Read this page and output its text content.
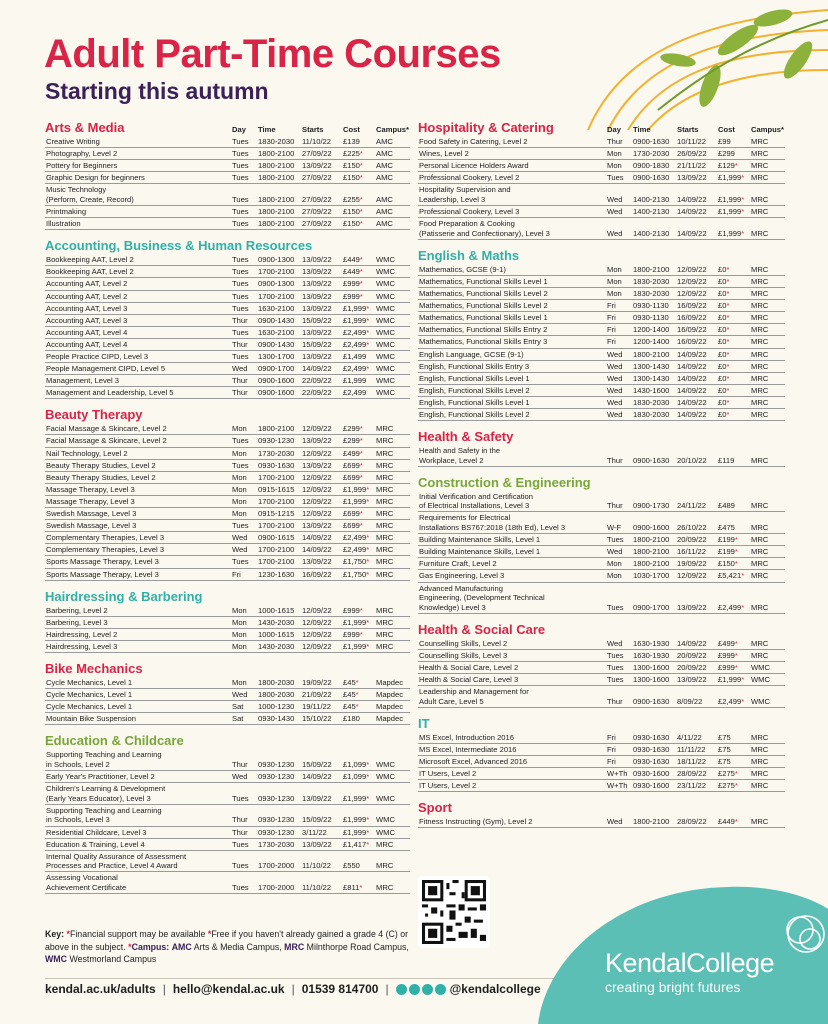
Adult Part-Time Courses
Starting this autumn
Arts & Media	Day	Time	Starts	Cost	Campus*
Creative Writing	Tues	1830-2030	11/10/22	£139	AMC
Photography, Level 2	Tues	1800-2100	27/09/22	£225*	AMC
Pottery for Beginners	Tues	1800-2100	13/09/22	£150*	AMC
Graphic Design for beginners	Tues	1800-2100	27/09/22	£150*	AMC
Music Technology
(Perform, Create, Record)	Tues	1800-2100	27/09/22	£255*	AMC
Printmaking	Tues	1800-2100	27/09/22	£150*	AMC
Illustration	Tues	1800-2100	27/09/22	£150*	AMC
Accounting, Business & Human Resources
Bookkeeping AAT, Level 2	Tues	0900-1300	13/09/22	£449*	WMC
Bookkeeping AAT, Level 2	Tues	1700-2100	13/09/22	£449*	WMC
Accounting AAT, Level 2	Tues	0900-1300	13/09/22	£999*	WMC
Accounting AAT, Level 2	Tues	1700-2100	13/09/22	£999*	WMC
Accounting AAT, Level 3	Tues	1630-2100	13/09/22	£1,999*	WMC
Accounting AAT, Level 3	Thur	0900-1430	15/09/22	£1,999*	WMC
Accounting AAT, Level 4	Tues	1630-2100	13/09/22	£2,499*	WMC
Accounting AAT, Level 4	Thur	0900-1430	15/09/22	£2,499*	WMC
People Practice CIPD, Level 3	Tues	1300-1700	13/09/22	£1,499	WMC
People Management CIPD, Level 5	Wed	0900-1700	14/09/22	£2,499*	WMC
Management, Level 3	Thur	0900-1600	22/09/22	£1,999	WMC
Management and Leadership, Level 5	Thur	0900-1600	22/09/22	£2,499	WMC
Beauty Therapy
Facial Massage & Skincare, Level 2	Mon	1800-2100	12/09/22	£299*	MRC
Facial Massage & Skincare, Level 2	Tues	0930-1230	13/09/22	£299*	MRC
Nail Technology, Level 2	Mon	1730-2030	12/09/22	£499*	MRC
Beauty Therapy Studies, Level 2	Tues	0930-1630	13/09/22	£699*	MRC
Beauty Therapy Studies, Level 2	Mon	1700-2100	12/09/22	£699*	MRC
Massage Therapy, Level 3	Mon	0915-1615	12/09/22	£1,999*	MRC
Massage Therapy, Level 3	Mon	1700-2100	12/09/22	£1,999*	MRC
Swedish Massage, Level 3	Mon	0915-1215	12/09/22	£699*	MRC
Swedish Massage, Level 3	Tues	1700-2100	13/09/22	£699*	MRC
Complementary Therapies, Level 3	Wed	0900-1615	14/09/22	£2,499*	MRC
Complementary Therapies, Level 3	Wed	1700-2100	14/09/22	£2,499*	MRC
Sports Massage Therapy, Level 3	Tues	1700-2100	13/09/22	£1,750*	MRC
Sports Massage Therapy, Level 3	Fri	1230-1630	16/09/22	£1,750*	MRC
Hairdressing & Barbering
Barbering, Level 2	Mon	1000-1615	12/09/22	£999*	MRC
Barbering, Level 3	Mon	1430-2030	12/09/22	£1,999*	MRC
Hairdressing, Level 2	Mon	1000-1615	12/09/22	£999*	MRC
Hairdressing, Level 3	Mon	1430-2030	12/09/22	£1,999*	MRC
Bike Mechanics
Cycle Mechanics, Level 1	Mon	1800-2030	19/09/22	£45*	Mapdec
Cycle Mechanics, Level 1	Wed	1800-2030	21/09/22	£45*	Mapdec
Cycle Mechanics, Level 1	Sat	1000-1230	19/11/22	£45*	Mapdec
Mountain Bike Suspension	Sat	0930-1430	15/10/22	£180	Mapdec
Education & Childcare
Supporting Teaching and Learning
in Schools, Level 2	Thur	0930-1230	15/09/22	£1,099*	WMC
Early Year's Practitioner, Level 2	Wed	0930-1230	14/09/22	£1,099*	WMC
Children's Learning & Development
(Early Years Educator), Level 3	Tues	0930-1230	13/09/22	£1,999*	WMC
Supporting Teaching and Learning
in Schools, Level 3	Thur	0930-1230	15/09/22	£1,999*	WMC
Residential Childcare, Level 3	Thur	0930-1230	3/11/22	£1,999*	WMC
Education & Training, Level 4	Tues	1730-2030	13/09/22	£1,417*	MRC
Internal Quality Assurance of Assessment
Processes and Practice, Level 4 Award	Tues	1700-2000	11/10/22	£550	MRC
Assessing Vocational
Achievement Certificate	Tues	1700-2000	11/10/22	£811*	MRC
Hospitality & Catering	Day	Time	Starts	Cost	Campus*
Food Safety in Catering, Level 2	Thur	0900-1630	10/11/22	£99	MRC
Wines, Level 2	Mon	1730-2030	26/09/22	£299	MRC
Personal Licence Holders Award	Mon	0900-1830	21/11/22	£129*	MRC
Professional Cookery, Level 2	Tues	0900-1630	13/09/22	£1,999*	MRC
Hospitality Supervision and
Leadership, Level 3	Wed	1400-2130	14/09/22	£1,999*	MRC
Professional Cookery, Level 3	Wed	1400-2130	14/09/22	£1,999*	MRC
Food Preparation & Cooking
(Patisserie and Confectionary), Level 3	Wed	1400-2130	14/09/22	£1,999*	MRC
English & Maths
Mathematics, GCSE (9-1)	Mon	1800-2100	12/09/22	£0*	MRC
Mathematics, Functional Skills Level 1	Mon	1830-2030	12/09/22	£0*	MRC
Mathematics, Functional Skills Level 2	Mon	1830-2030	12/09/22	£0*	MRC
Mathematics, Functional Skills Level 2	Fri	0930-1130	16/09/22	£0*	MRC
Mathematics, Functional Skills Level 1	Fri	0930-1130	16/09/22	£0*	MRC
Mathematics, Functional Skills Entry 2	Fri	1200-1400	16/09/22	£0*	MRC
Mathematics, Functional Skills Entry 3	Fri	1200-1400	16/09/22	£0*	MRC
English Language, GCSE (9-1)	Wed	1800-2100	14/09/22	£0*	MRC
English, Functional Skills Entry 3	Wed	1300-1430	14/09/22	£0*	MRC
English, Functional Skills Level 1	Wed	1300-1430	14/09/22	£0*	MRC
English, Functional Skills Level 2	Wed	1430-1600	14/09/22	£0*	MRC
English, Functional Skills Level 1	Wed	1830-2030	14/09/22	£0*	MRC
English, Functional Skills Level 2	Wed	1830-2030	14/09/22	£0*	MRC
Health & Safety
Health and Safety in the
Workplace, Level 2	Thur	0900-1630	20/10/22	£119	MRC
Construction & Engineering
Initial Verification and Certification
of Electrical Installations, Level 3	Thur	0900-1730	24/11/22	£489	MRC
Requirements for Electrical
Installations BS767:2018 (18th Ed), Level 3	W-F	0900-1600	26/10/22	£475	MRC
Building Maintenance Skills, Level 1	Tues	1800-2100	20/09/22	£199*	MRC
Building Maintenance Skills, Level 1	Wed	1800-2100	16/11/22	£199*	MRC
Furniture Craft, Level 2	Mon	1800-2100	19/09/22	£150*	MRC
Gas Engineering, Level 3	Mon	1030-1700	12/09/22	£5,421*	MRC
Advanced Manufacturing
Engineering, (Development Technical
Knowledge) Level 3	Tues	0900-1700	13/09/22	£2,499*	MRC
Health & Social Care
Counselling Skills, Level 2	Wed	1630-1930	14/09/22	£499*	MRC
Counselling Skills, Level 3	Tues	1630-1930	20/09/22	£999*	MRC
Health & Social Care, Level 2	Tues	1300-1600	20/09/22	£999*	WMC
Health & Social Care, Level 3	Tues	1300-1600	13/09/22	£1,999*	WMC
Leadership and Management for
Adult Care, Level 5	Thur	0900-1630	8/09/22	£2,499*	WMC
IT
MS Excel, Introduction 2016	Fri	0930-1630	4/11/22	£75	MRC
MS Excel, Intermediate 2016	Fri	0930-1630	11/11/22	£75	MRC
Microsoft Excel, Advanced 2016	Fri	0930-1630	18/11/22	£75	MRC
IT Users, Level 2	W+Th	0930-1600	28/09/22	£275*	MRC
IT Users, Level 2	W+Th	0930-1600	23/11/22	£275*	MRC
Sport
Fitness Instructing (Gym), Level 2	Wed	1800-2100	28/09/22	£449*	MRC
Key: *Financial support may be available *Free if you haven't already gained a grade 4 (C) or above in the subject. *Campus: AMC Arts & Media Campus, MRC Milnthorpe Road Campus, WMC Westmorland Campus
kendal.ac.uk/adults | hello@kendal.ac.uk | 01539 814700 |	@kendalcollege
KendalCollege
creating bright futures
